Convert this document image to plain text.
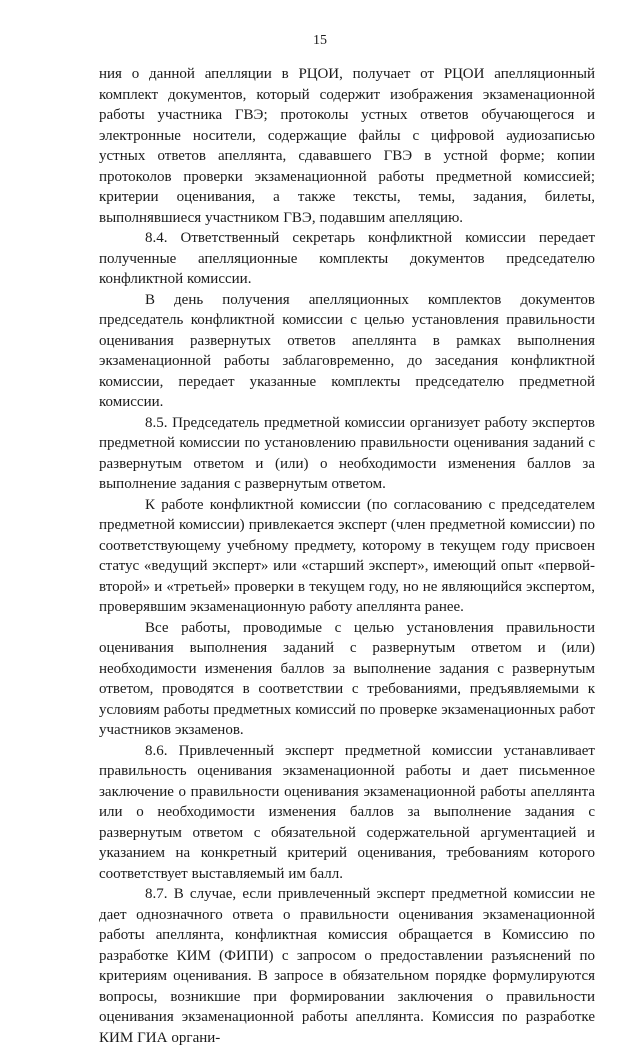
15

ния о данной апелляции в РЦОИ, получает от РЦОИ апелляционный комплект документов, который содержит изображения экзаменационной работы участника ГВЭ; протоколы устных ответов обучающегося и электронные носители, содержащие файлы с цифровой аудиозаписью устных ответов апеллянта, сдававшего ГВЭ в устной форме; копии протоколов проверки экзаменационной работы предметной комиссией; критерии оценивания, а также тексты, темы, задания, билеты, выполнявшиеся участником ГВЭ, подавшим апелляцию.

8.4. Ответственный секретарь конфликтной комиссии передает полученные апелляционные комплекты документов председателю конфликтной комиссии.

В день получения апелляционных комплектов документов председатель конфликтной комиссии с целью установления правильности оценивания развернутых ответов апеллянта в рамках выполнения экзаменационной работы заблаговременно, до заседания конфликтной комиссии, передает указанные комплекты председателю предметной комиссии.

8.5. Председатель предметной комиссии организует работу экспертов предметной комиссии по установлению правильности оценивания заданий с развернутым ответом и (или) о необходимости изменения баллов за выполнение задания с развернутым ответом.

К работе конфликтной комиссии (по согласованию с председателем предметной комиссии) привлекается эксперт (член предметной комиссии) по соответствующему учебному предмету, которому в текущем году присвоен статус «ведущий эксперт» или «старший эксперт», имеющий опыт «первой-второй» и «третьей» проверки в текущем году, но не являющийся экспертом, проверявшим экзаменационную работу апеллянта ранее.

Все работы, проводимые с целью установления правильности оценивания выполнения заданий с развернутым ответом и (или) необходимости изменения баллов за выполнение задания с развернутым ответом, проводятся в соответствии с требованиями, предъявляемыми к условиям работы предметных комиссий по проверке экзаменационных работ участников экзаменов.

8.6. Привлеченный эксперт предметной комиссии устанавливает правильность оценивания экзаменационной работы и дает письменное заключение о правильности оценивания экзаменационной работы апеллянта или о необходимости изменения баллов за выполнение задания с развернутым ответом с обязательной содержательной аргументацией и указанием на конкретный критерий оценивания, требованиям которого соответствует выставляемый им балл.

8.7. В случае, если привлеченный эксперт предметной комиссии не дает однозначного ответа о правильности оценивания экзаменационной работы апеллянта, конфликтная комиссия обращается в Комиссию по разработке КИМ (ФИПИ) с запросом о предоставлении разъяснений по критериям оценивания. В запросе в обязательном порядке формулируются вопросы, возникшие при формировании заключения о правильности оценивания экзаменационной работы апеллянта. Комиссия по разработке КИМ ГИА органи-
